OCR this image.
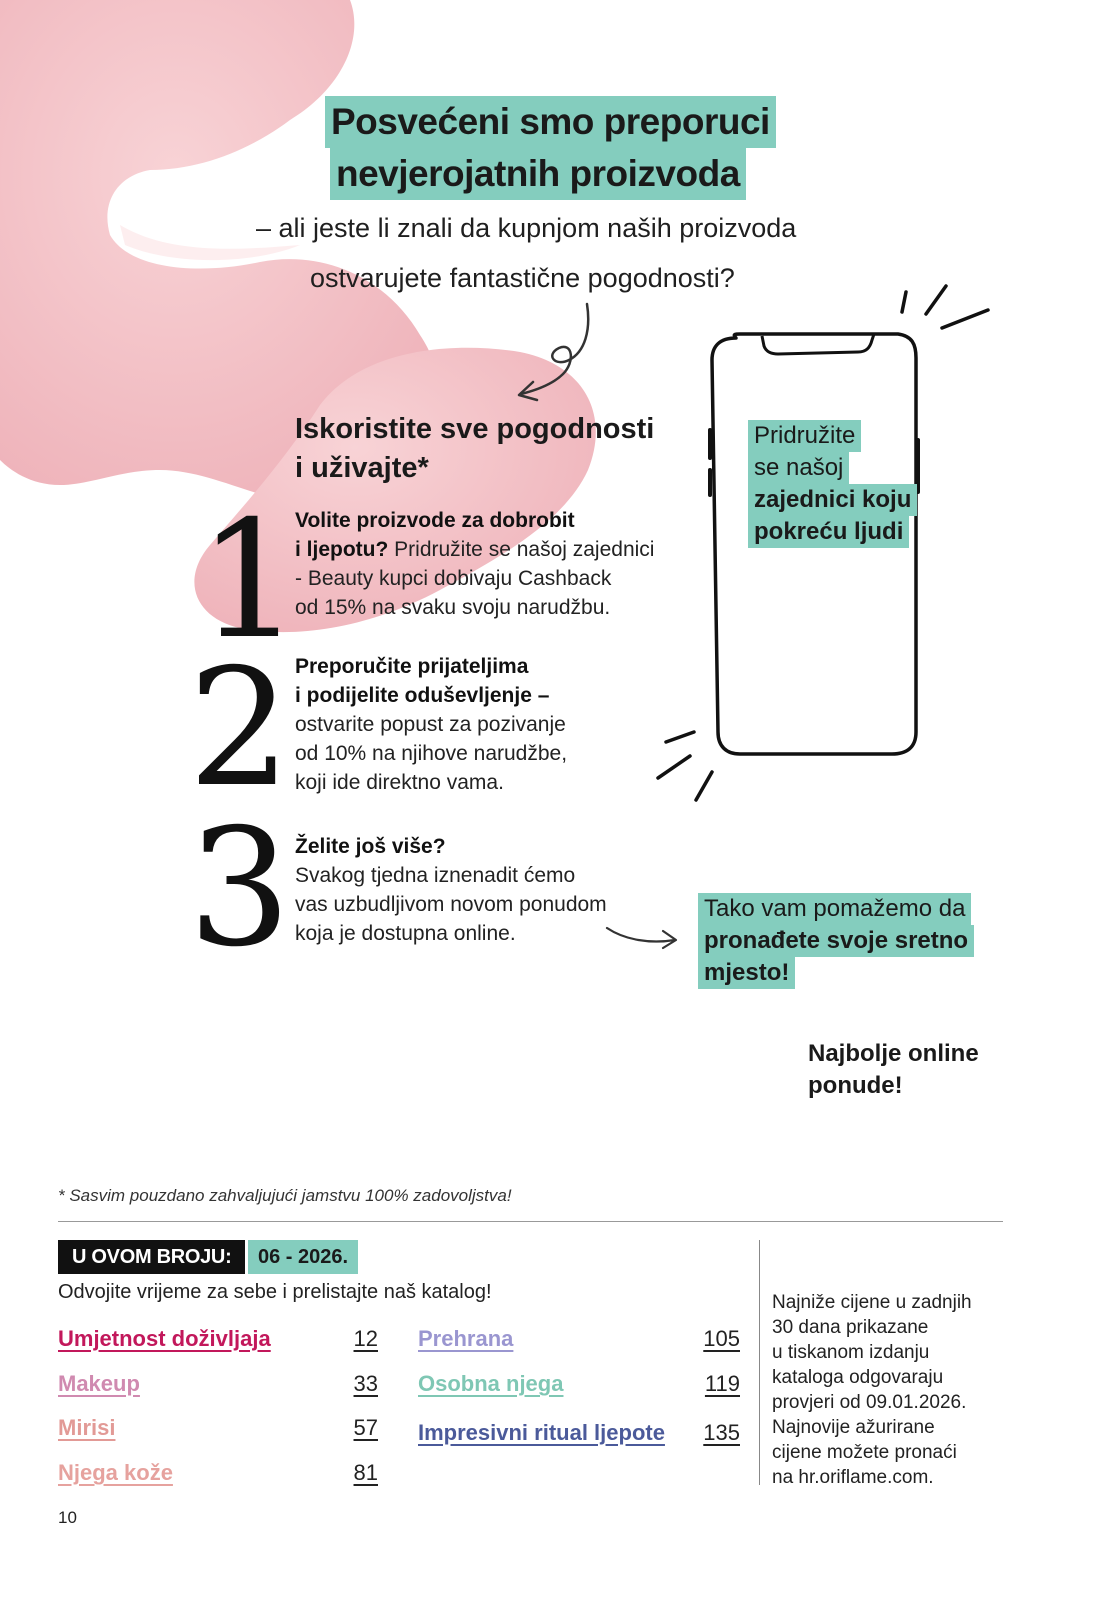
Posvećeni smo preporuci
nevjerojatnih proizvoda
– ali jeste li znali da kupnjom naših proizvoda
ostvarujete fantastične pogodnosti?
Iskoristite sve pogodnosti
i uživajte*
1
Volite proizvode za dobrobit
i ljepotu? Pridružite se našoj zajednici
- Beauty kupci dobivaju Cashback
od 15% na svaku svoju narudžbu.
2 Preporučite prijateljima
i podijelite oduševljenje –
ostvarite popust za pozivanje
od 10% na njihove narudžbe,
koji ide direktno vama.
3 Želite još više?
Svakog tjedna iznenadit ćemo
vas uzbudljivom novom ponudom
koja je dostupna online.
Pridružite
se našoj
zajednici koju
pokreću ljudi
Tako vam pomažemo da
pronađete svoje sretno
mjesto!
Najbolje online
ponude!
* Sasvim pouzdano zahvaljujući jamstvu 100% zadovoljstva!
U OVOM BROJU:	06 - 2026.
Odvojite vrijeme za sebe i prelistajte naš katalog!
Umjetnost doživljaja	12
Makeup	33
Mirisi	57
Njega kože	81
Prehrana	105
Osobna njega	119
Impresivni ritual ljepote	135
Najniže cijene u zadnjih
30 dana prikazane
u tiskanom izdanju
kataloga odgovaraju
provjeri od 09.01.2026.
Najnovije ažurirane
cijene možete pronaći
na hr.oriflame.com.
10
